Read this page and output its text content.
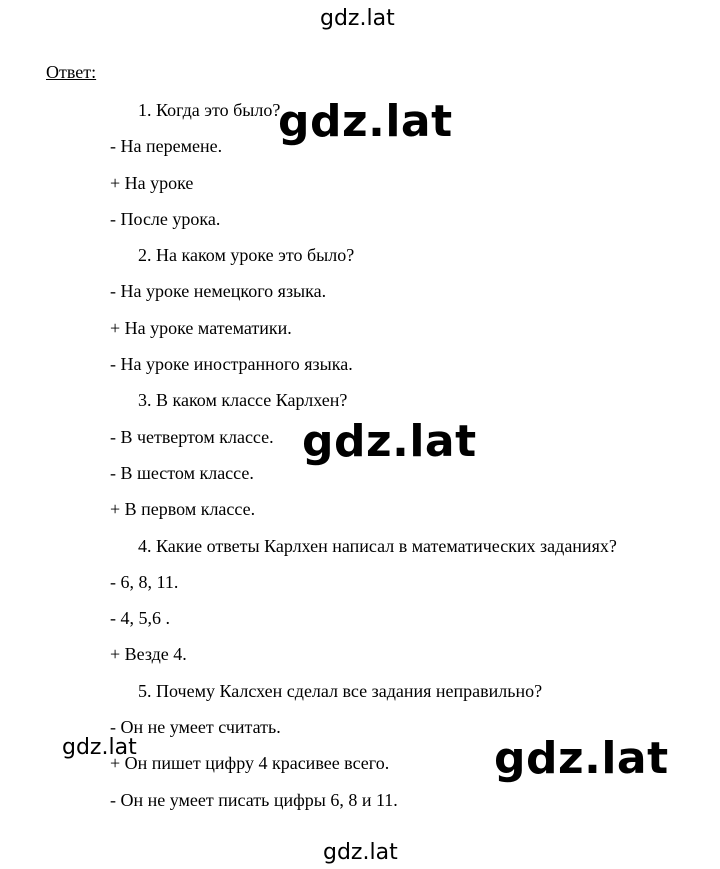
gdz.lat
Ответ:
1. Когда это было?
- На перемене.
+ На уроке
- После урока.
2. На каком уроке это было?
- На уроке немецкого языка.
+ На уроке математики.
- На уроке иностранного языка.
3. В каком классе Карлхен?
- В четвертом классе.
- В шестом классе.
+ В первом классе.
4. Какие ответы Карлхен написал в математических заданиях?
- 6, 8, 11.
- 4, 5,6 .
+ Везде 4.
5. Почему Калсхен сделал все задания неправильно?
- Он не умеет считать.
+ Он пишет цифру 4 красивее всего.
- Он не умеет писать цифры 6, 8 и 11.
gdz.lat
gdz.lat
gdz.lat
gdz.lat
gdz.lat
